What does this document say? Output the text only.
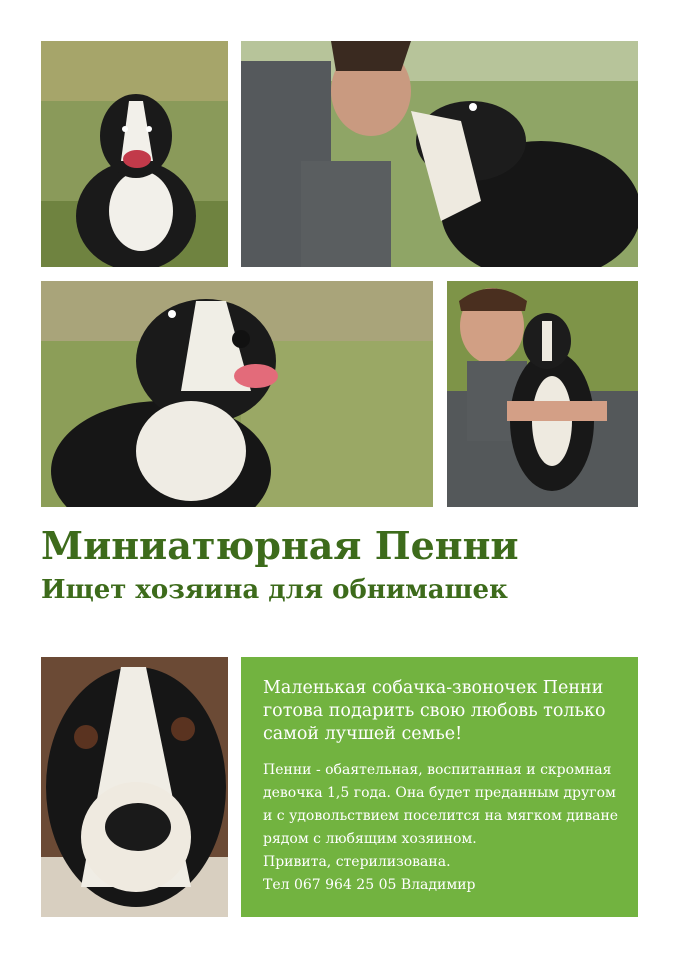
Миниатюрная Пенни
Ищет хозяина для обнимашек

Маленькая собачка-звоночек Пенни готова подарить свою любовь только самой лучшей семье!

Пенни - обаятельная, воспитанная и скромная девочка 1,5 года. Она будет преданным другом и с удовольствием поселится на мягком диване рядом с любящим хозяином.
Привита, стерилизована.
Тел 067 964 25 05 Владимир
